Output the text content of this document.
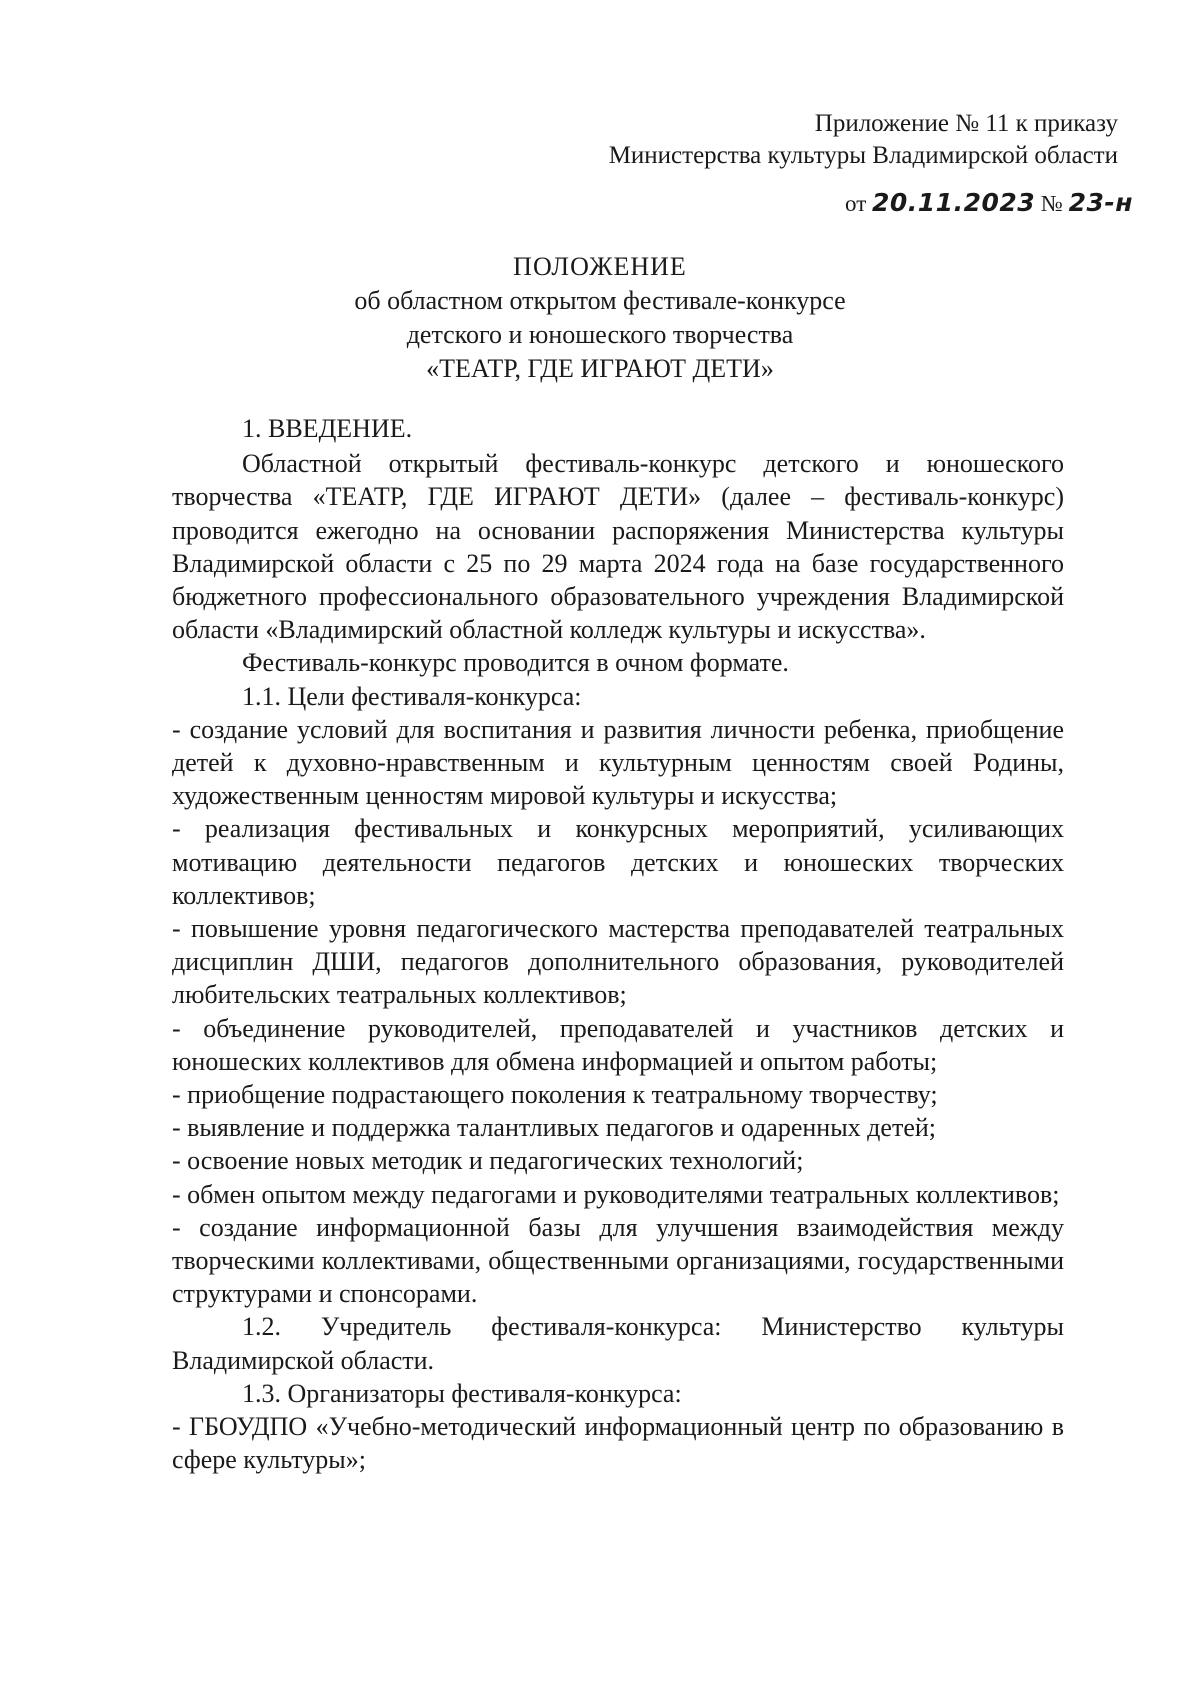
Приложение № 11 к приказу
Министерства культуры Владимирской области
от 20.11.2023 № 23-н
ПОЛОЖЕНИЕ
об областном открытом фестивале-конкурсе
детского и юношеского творчества
«ТЕАТР, ГДЕ ИГРАЮТ ДЕТИ»

1. ВВЕДЕНИЕ.

Областной открытый фестиваль-конкурс детского и юношеского творчества «ТЕАТР, ГДЕ ИГРАЮТ ДЕТИ» (далее – фестиваль-конкурс) проводится ежегодно на основании распоряжения Министерства культуры Владимирской области с 25 по 29 марта 2024 года на базе государственного бюджетного профессионального образовательного учреждения Владимирской области «Владимирский областной колледж культуры и искусства».

Фестиваль-конкурс проводится в очном формате.

1.1. Цели фестиваля-конкурса:

- создание условий для воспитания и развития личности ребенка, приобщение детей к духовно-нравственным и культурным ценностям своей Родины, художественным ценностям мировой культуры и искусства;

- реализация фестивальных и конкурсных мероприятий, усиливающих мотивацию деятельности педагогов детских и юношеских творческих коллективов;

- повышение уровня педагогического мастерства преподавателей театральных дисциплин ДШИ, педагогов дополнительного образования, руководителей любительских театральных коллективов;

- объединение руководителей, преподавателей и участников детских и юношеских коллективов для обмена информацией и опытом работы;

- приобщение подрастающего поколения к театральному творчеству;

- выявление и поддержка талантливых педагогов и одаренных детей;

- освоение новых методик и педагогических технологий;

- обмен опытом между педагогами и руководителями театральных коллективов;

- создание информационной базы для улучшения взаимодействия между творческими коллективами, общественными организациями, государственными структурами и спонсорами.

1.2. Учредитель фестиваля-конкурса: Министерство культуры Владимирской области.

1.3. Организаторы фестиваля-конкурса:

- ГБОУДПО «Учебно-методический информационный центр по образованию в сфере культуры»;
